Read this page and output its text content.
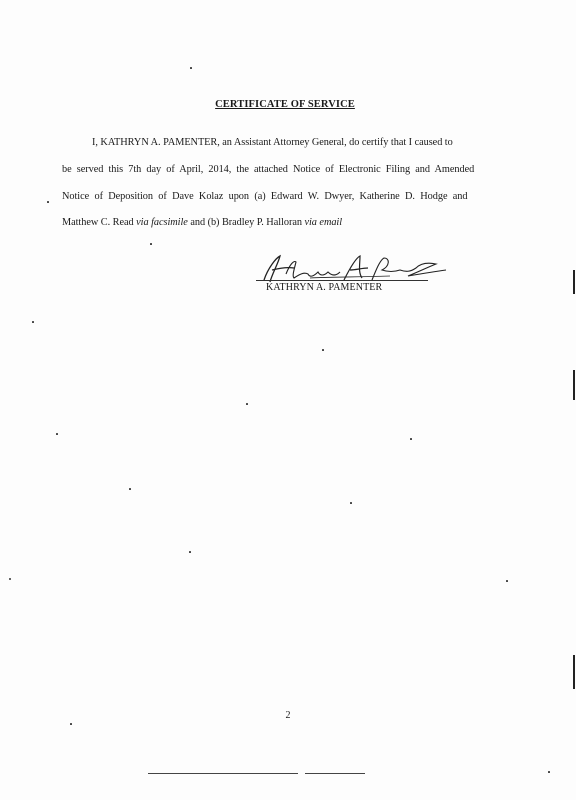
CERTIFICATE OF SERVICE
I, KATHRYN A. PAMENTER, an Assistant Attorney General, do certify that I caused to
be served this 7th day of April, 2014, the attached Notice of Electronic Filing and Amended
Notice of Deposition of Dave Kolaz upon (a) Edward W. Dwyer, Katherine D. Hodge and
Matthew C. Read via facsimile and (b) Bradley P. Halloran via email
KATHRYN A. PAMENTER
2
